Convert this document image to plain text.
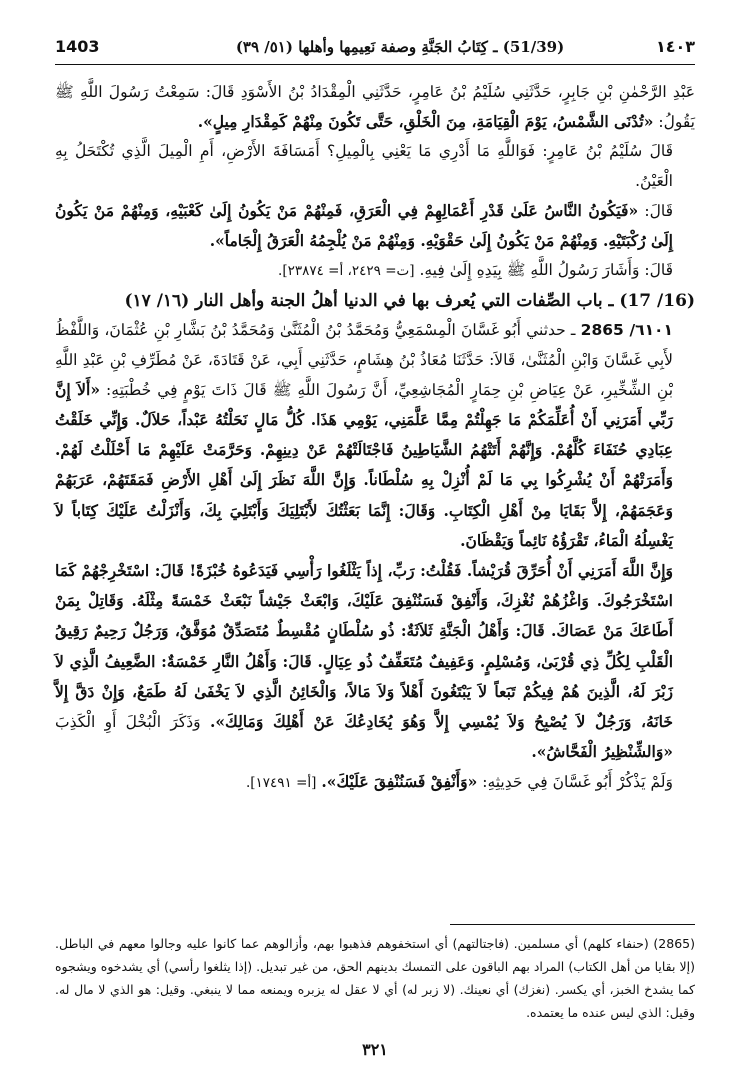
1403	(51/39) ـ كِتَابُ الجَنَّةِ وصفة نَعِيمِها وأهلها (٥١/ ٣٩)	١٤٠٣

عَبْدِ الرَّحْمٰنِ بْنِ جَابِرٍ، حَدَّثَنِي سُلَيْمُ بْنُ عَامِرٍ، حَدَّثَنِي الْمِقْدَادُ بْنُ الأَسْوَدِ قَالَ: سَمِعْتُ رَسُولَ اللَّهِ ﷺ يَقُولُ: «تُدْنَى الشَّمْسُ، يَوْمَ الْقِيَامَةِ، مِنَ الْخَلْقِ، حَتَّى تَكُونَ مِنْهُمْ كَمِقْدَارِ مِيلٍ».

قَالَ سُلَيْمُ بْنُ عَامِرٍ: فَوَاللَّهِ مَا أَدْرِي مَا يَعْنِي بِالْمِيلِ؟ أَمَسَافَةَ الأَرْضِ، أَمِ الْمِيلَ الَّذِي تُكْتَحَلُ بِهِ الْعَيْنُ.

قَالَ: «فَيَكُونُ النَّاسُ عَلَىٰ قَدْرِ أَعْمَالِهِمْ فِي الْعَرَقِ، فَمِنْهُمْ مَنْ يَكُونُ إِلَىٰ كَعْبَيْهِ، وَمِنْهُمْ مَنْ يَكُونُ إِلَىٰ رُكْبَتَيْهِ. وَمِنْهُمْ مَنْ يَكُونُ إِلَىٰ حَقْوَيْهِ. وَمِنْهُمْ مَنْ يُلْجِمُهُ الْعَرَقُ إِلْجَاماً».

قَالَ: وَأَشَارَ رَسُولُ اللَّهِ ﷺ بِيَدِهِ إِلَىٰ فِيهِ. [ت= ٢٤٢٩، أ= ٢٣٨٧٤].

(16/ 17) ـ باب الصِّفات التي يُعرف بها في الدنيا أهلُ الجنة وأهل النار (١٦/ ١٧)

٦١٠١/ 2865 ـ حدثني أَبُو غَسَّانَ الْمِسْمَعِيُّ وَمُحَمَّدُ بْنُ الْمُثَنَّىٰ وَمُحَمَّدُ بْنُ بَشَّارِ بْنِ عُثْمَانَ، وَاللَّفْظُ لأَبِي غَسَّانَ وَابْنِ الْمُثَنَّىٰ، قَالاَ: حَدَّثَنَا مُعَاذُ بْنُ هِشَامٍ، حَدَّثَنِي أَبِي، عَنْ قَتَادَةَ، عَنْ مُطَرِّفِ بْنِ عَبْدِ اللَّهِ بْنِ الشِّخِّيرِ، عَنْ عِيَاضِ بْنِ حِمَارٍ الْمُجَاشِعِيِّ، أَنَّ رَسُولَ اللَّهِ ﷺ قَالَ ذَاتَ يَوْمٍ فِي خُطْبَتِهِ: «أَلاَ إِنَّ رَبِّي أَمَرَنِي أَنْ أُعَلِّمَكُمْ مَا جَهِلْتُمْ مِمَّا عَلَّمَنِي، يَوْمِي هَذَا. كُلُّ مَالٍ نَحَلْتُهُ عَبْداً، حَلاَلٌ. وَإِنِّي خَلَقْتُ عِبَادِي حُنَفَاءَ كُلَّهُمْ. وَإِنَّهُمْ أَتَتْهُمُ الشَّيَاطِينُ فَاجْتَالَتْهُمْ عَنْ دِينِهِمْ. وَحَرَّمَتْ عَلَيْهِمْ مَا أَحْلَلْتُ لَهُمْ. وَأَمَرَتْهُمْ أَنْ يُشْرِكُوا بِي مَا لَمْ أُنْزِلْ بِهِ سُلْطَاناً. وَإِنَّ اللَّهَ نَظَرَ إِلَىٰ أَهْلِ الأَرْضِ فَمَقَتَهُمْ، عَرَبَهُمْ وَعَجَمَهُمْ، إِلاَّ بَقَايَا مِنْ أَهْلِ الْكِتَابِ. وَقَالَ: إِنَّمَا بَعَثْتُكَ لأَبْتَلِيَكَ وَأَبْتَلِيَ بِكَ، وَأَنْزَلْتُ عَلَيْكَ كِتَاباً لاَ يَغْسِلُهُ الْمَاءُ، تَقْرَؤُهُ نَائِماً وَيَقْظَانَ.

وَإِنَّ اللَّهَ أَمَرَنِي أَنْ أُحَرِّقَ قُرَيْشاً. فَقُلْتُ: رَبِّ، إِذاً يَثْلَغُوا رَأْسِي فَيَدَعُوهُ خُبْزَةً! قَالَ: اسْتَخْرِجْهُمْ كَمَا اسْتَخْرَجُوكَ. وَاغْزُهُمْ نُغْزِكَ، وَأَنْفِقْ فَسَنُنْفِقَ عَلَيْكَ، وَابْعَثْ جَيْشاً نَبْعَثْ خَمْسَةً مِثْلَهُ. وَقَاتِلْ بِمَنْ أَطَاعَكَ مَنْ عَصَاكَ. قَالَ: وَأَهْلُ الْجَنَّةِ ثَلاَثَةٌ: ذُو سُلْطَانٍ مُقْسِطٌ مُتَصَدِّقٌ مُوَفَّقٌ، وَرَجُلٌ رَحِيمٌ رَقِيقُ الْقَلْبِ لِكُلِّ ذِي قُرْبَىٰ، وَمُسْلِمٍ. وَعَفِيفٌ مُتَعَفِّفٌ ذُو عِيَالٍ. قَالَ: وَأَهْلُ النَّارِ خَمْسَةٌ: الضَّعِيفُ الَّذِي لاَ زَبْرَ لَهُ، الَّذِينَ هُمْ فِيكُمْ تَبَعاً لاَ يَبْتَغُونَ أَهْلاً وَلاَ مَالاً، وَالْخَائِنُ الَّذِي لاَ يَخْفَىٰ لَهُ طَمَعٌ، وَإِنْ دَقَّ إِلاَّ خَانَهُ، وَرَجُلٌ لاَ يُصْبِحُ وَلاَ يُمْسِي إِلاَّ وَهُوَ يُخَادِعُكَ عَنْ أَهْلِكَ وَمَالِكَ». وَذَكَرَ الْبُخْلَ أَوِ الْكَذِبَ «وَالشِّنْظِيرُ الْفَحَّاشُ».

وَلَمْ يَذْكُرْ أَبُو غَسَّانَ فِي حَدِيثِهِ: «وَأَنْفِقْ فَسَنُنْفِقَ عَلَيْكَ». [أ= ١٧٤٩١].

(2865) (حنفاء كلهم) أي مسلمين. (فاجتالتهم) أي استخفوهم فذهبوا بهم، وأزالوهم عما كانوا عليه وجالوا معهم في الباطل. (إلا بقايا من أهل الكتاب) المراد بهم الباقون على التمسك بدينهم الحق، من غير تبديل. (إذا يثلغوا رأسي) أي يشدخوه ويشجوه كما يشدخ الخبز، أي يكسر. (نغزك) أي نعينك. (لا زبر له) أي لا عقل له يزبره ويمنعه مما لا ينبغي. وقيل: هو الذي لا مال له. وقيل: الذي ليس عنده ما يعتمده.

٣٢١
